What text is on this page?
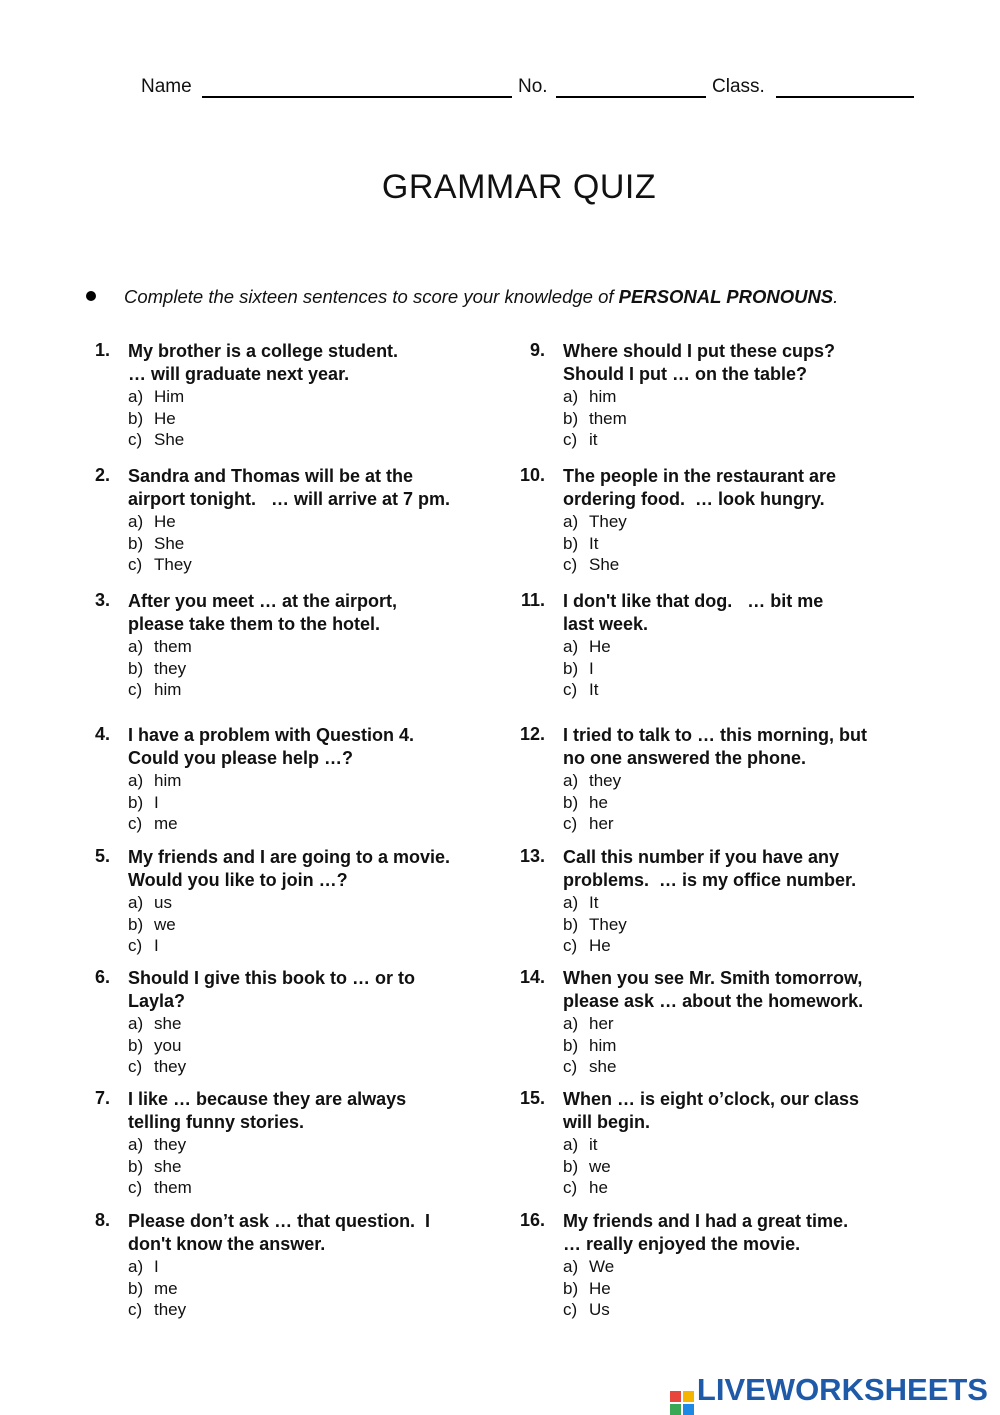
Name	No.	Class.
GRAMMAR QUIZ
Complete the sixteen sentences to score your knowledge of PERSONAL PRONOUNS.
1. My brother is a college student.
… will graduate next year.
a) Him
b) He
c) She
2. Sandra and Thomas will be at the
airport tonight.   … will arrive at 7 pm.
a) He
b) She
c) They
3. After you meet … at the airport,
please take them to the hotel.
a) them
b) they
c) him
4. I have a problem with Question 4.
Could you please help …?
a) him
b) I
c) me
5. My friends and I are going to a movie.
Would you like to join …?
a) us
b) we
c) I
6. Should I give this book to … or to
Layla?
a) she
b) you
c) they
7. I like … because they are always
telling funny stories.
a) they
b) she
c) them
8. Please don’t ask … that question.  I
don't know the answer.
a) I
b) me
c) they
9. Where should I put these cups?
Should I put … on the table?
a) him
b) them
c) it
10. The people in the restaurant are
ordering food.  … look hungry.
a) They
b) It
c) She
11. I don't like that dog.   … bit me
last week.
a) He
b) I
c) It
12. I tried to talk to … this morning, but
no one answered the phone.
a) they
b) he
c) her
13. Call this number if you have any
problems.  … is my office number.
a) It
b) They
c) He
14. When you see Mr. Smith tomorrow,
please ask … about the homework.
a) her
b) him
c) she
15. When … is eight o’clock, our class
will begin.
a) it
b) we
c) he
16. My friends and I had a great time.
… really enjoyed the movie.
a) We
b) He
c) Us
LIVEWORKSHEETS
